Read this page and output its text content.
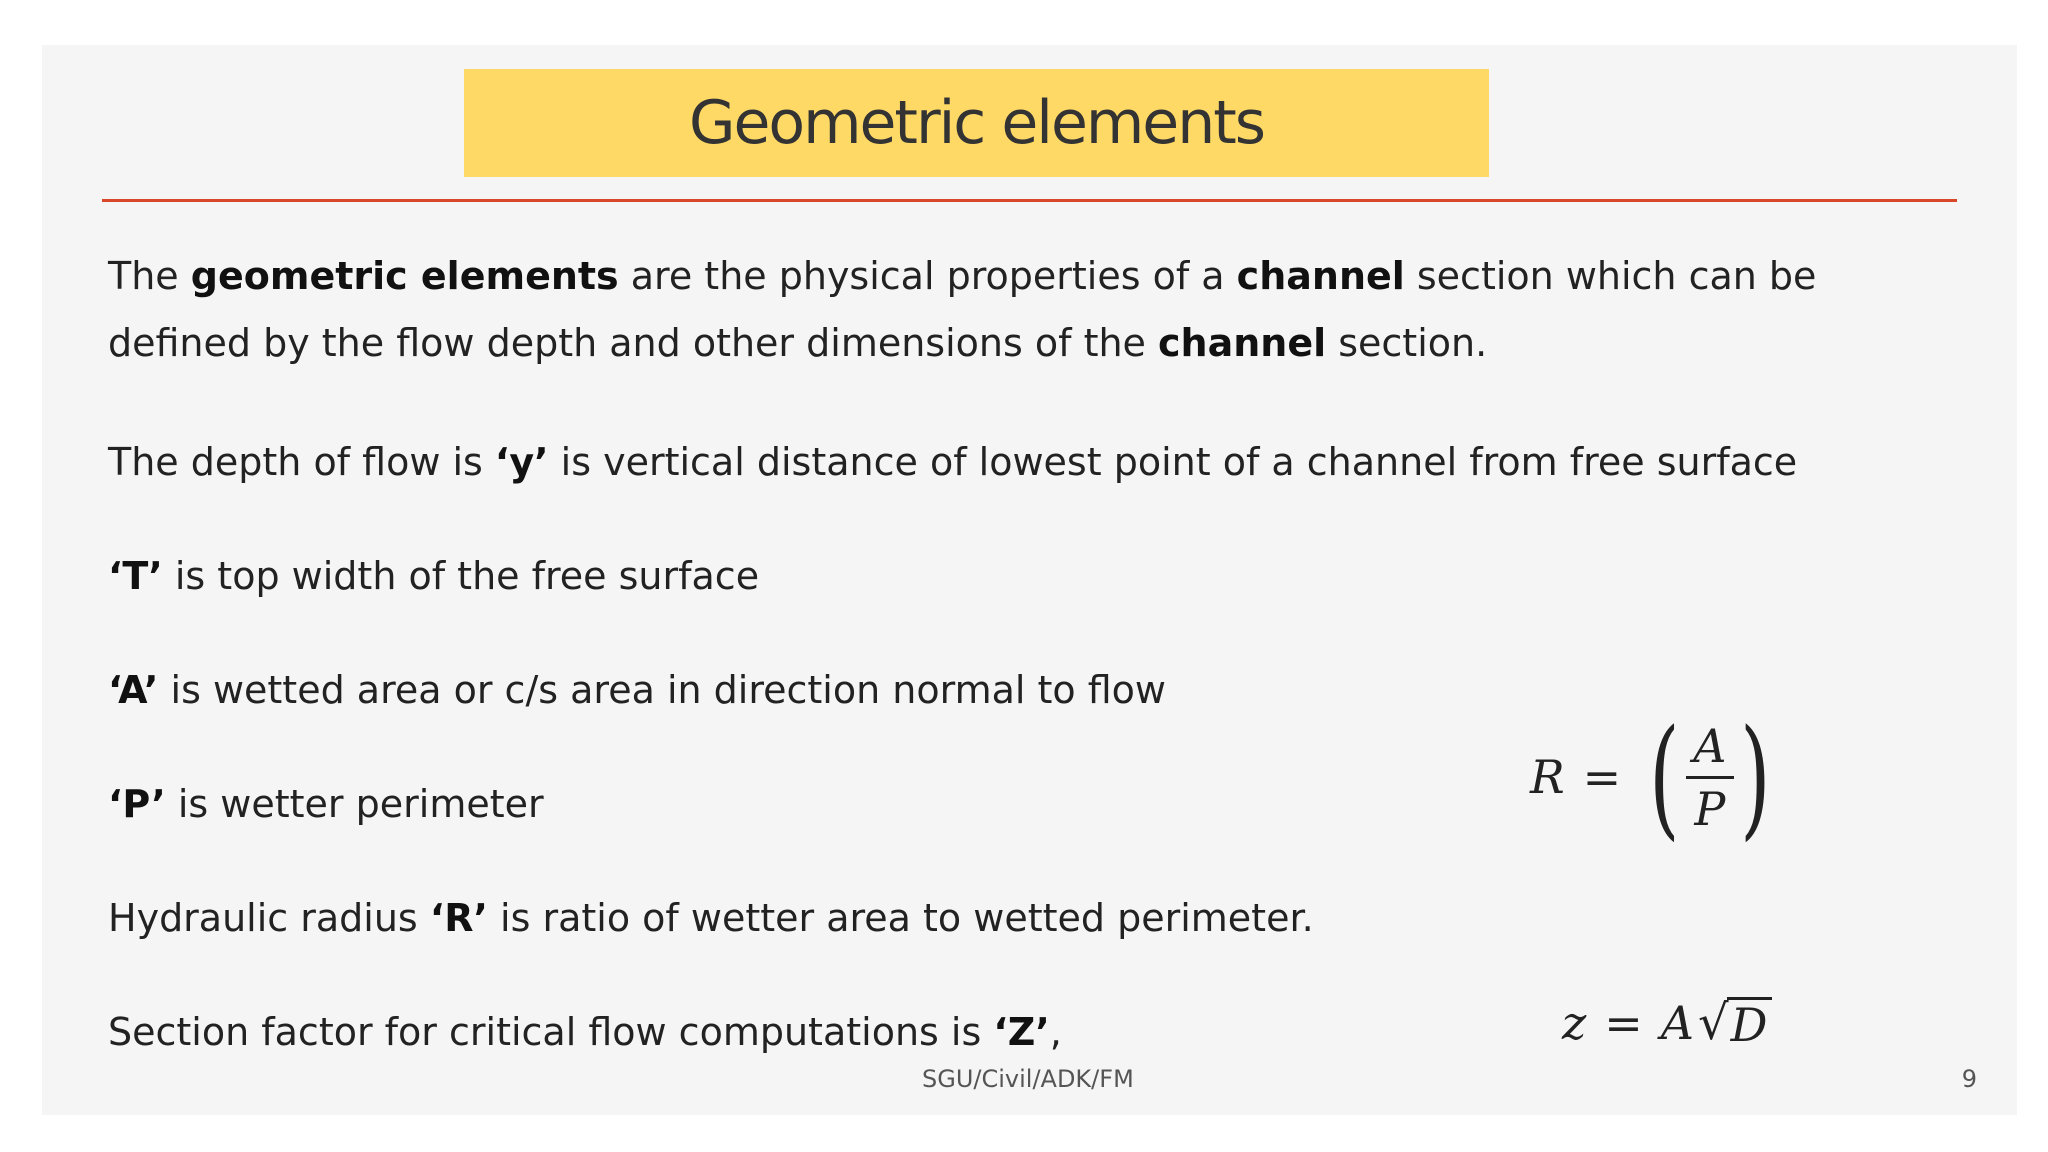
Geometric elements
The geometric elements are the physical properties of a channel section which can be defined by the flow depth and other dimensions of the channel section.
The depth of flow is ‘y’ is vertical distance of lowest point of a channel from free surface
‘T’ is top width of the free surface
‘A’ is wetted area or c/s area in direction normal to flow
‘P’ is wetter perimeter
Hydraulic radius ‘R’ is ratio of wetter area to wetted perimeter.
Section factor for critical flow computations is ‘Z’,
R = ( $\frac{A}{P}$ )
z = A √ D
SGU/Civil/ADK/FM	9
